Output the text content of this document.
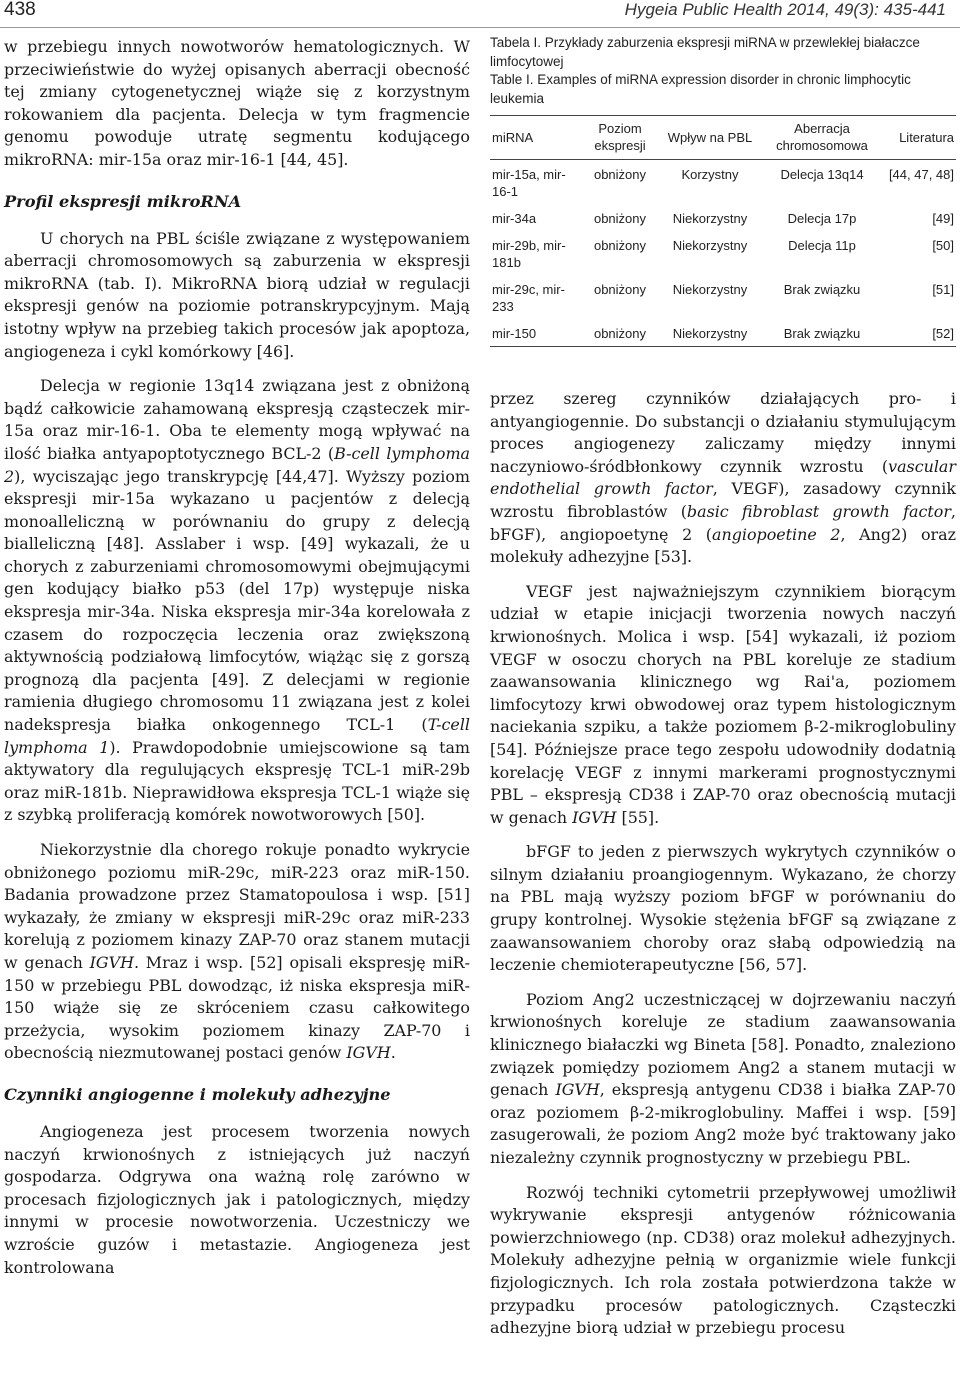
438	Hygeia Public Health 2014, 49(3): 435-441

w przebiegu innych nowotworów hematologicznych. W przeciwieństwie do wyżej opisanych aberracji obecność tej zmiany cytogenetycznej wiąże się z korzystnym rokowaniem dla pacjenta. Delecja w tym fragmencie genomu powoduje utratę segmentu kodującego mikroRNA: mir-15a oraz mir-16-1 [44, 45].

Profil ekspresji mikroRNA

U chorych na PBL ściśle związane z występowaniem aberracji chromosomowych są zaburzenia w ekspresji mikroRNA (tab. I). MikroRNA biorą udział w regulacji ekspresji genów na poziomie potranskrypcyjnym. Mają istotny wpływ na przebieg takich procesów jak apoptoza, angiogeneza i cykl komórkowy [46].

Delecja w regionie 13q14 związana jest z obniżoną bądź całkowicie zahamowaną ekspresją cząsteczek mir-15a oraz mir-16-1. Oba te elementy mogą wpływać na ilość białka antyapoptotycznego BCL-2 (B-cell lymphoma 2), wyciszając jego transkrypcję [44,47]. Wyższy poziom ekspresji mir-15a wykazano u pacjentów z delecją monoalleliczną w porównaniu do grupy z delecją bialleliczną [48]. Asslaber i wsp. [49] wykazali, że u chorych z zaburzeniami chromosomowymi obejmującymi gen kodujący białko p53 (del 17p) występuje niska ekspresja mir-34a. Niska ekspresja mir-34a korelowała z czasem do rozpoczęcia leczenia oraz zwiększoną aktywnością podziałową limfocytów, wiążąc się z gorszą prognozą dla pacjenta [49]. Z delecjami w regionie ramienia długiego chromosomu 11 związana jest z kolei nadekspresja białka onkogennego TCL-1 (T-cell lymphoma 1). Prawdopodobnie umiejscowione są tam aktywatory dla regulujących ekspresję TCL-1 miR-29b oraz miR-181b. Nieprawidłowa ekspresja TCL-1 wiąże się z szybką proliferacją komórek nowotworowych [50].

Niekorzystnie dla chorego rokuje ponadto wykrycie obniżonego poziomu miR-29c, miR-223 oraz miR-150. Badania prowadzone przez Stamatopoulosa i wsp. [51] wykazały, że zmiany w ekspresji miR-29c oraz miR-233 korelują z poziomem kinazy ZAP-70 oraz stanem mutacji w genach IGVH. Mraz i wsp. [52] opisali ekspresję miR-150 w przebiegu PBL dowodząc, iż niska ekspresja miR-150 wiąże się ze skróceniem czasu całkowitego przeżycia, wysokim poziomem kinazy ZAP-70 i obecnością niezmutowanej postaci genów IGVH.

Czynniki angiogenne i molekuły adhezyjne

Angiogeneza jest procesem tworzenia nowych naczyń krwionośnych z istniejących już naczyń gospodarza. Odgrywa ona ważną rolę zarówno w procesach fizjologicznych jak i patologicznych, między innymi w procesie nowotworzenia. Uczestniczy we wzroście guzów i metastazie. Angiogeneza jest kontrolowana

Tabela I. Przykłady zaburzenia ekspresji miRNA w przewlekłej białaczce limfocytowej

Table I. Examples of miRNA expression disorder in chronic limphocytic leukemia

miRNA	Poziom ekspresji	Wpływ na PBL	Aberracja chromosomowa	Literatura
mir-15a, mir-16-1	obniżony	Korzystny	Delecja 13q14	[44, 47, 48]
mir-34a	obniżony	Niekorzystny	Delecja 17p	[49]
mir-29b, mir-181b	obniżony	Niekorzystny	Delecja 11p	[50]
mir-29c, mir-233	obniżony	Niekorzystny	Brak związku	[51]
mir-150	obniżony	Niekorzystny	Brak związku	[52]

przez szereg czynników działających pro- i antyangiogennie. Do substancji o działaniu stymulującym proces angiogenezy zaliczamy między innymi naczyniowo-śródbłonkowy czynnik wzrostu (vascular endothelial growth factor, VEGF), zasadowy czynnik wzrostu fibroblastów (basic fibroblast growth factor, bFGF), angiopoetynę 2 (angiopoetine 2, Ang2) oraz molekuły adhezyjne [53].

VEGF jest najważniejszym czynnikiem biorącym udział w etapie inicjacji tworzenia nowych naczyń krwionośnych. Molica i wsp. [54] wykazali, iż poziom VEGF w osoczu chorych na PBL koreluje ze stadium zaawansowania klinicznego wg Rai'a, poziomem limfocytozy krwi obwodowej oraz typem histologicznym naciekania szpiku, a także poziomem β-2-mikroglobuliny [54]. Późniejsze prace tego zespołu udowodniły dodatnią korelację VEGF z innymi markerami prognostycznymi PBL – ekspresją CD38 i ZAP-70 oraz obecnością mutacji w genach IGVH [55].

bFGF to jeden z pierwszych wykrytych czynników o silnym działaniu proangiogennym. Wykazano, że chorzy na PBL mają wyższy poziom bFGF w porównaniu do grupy kontrolnej. Wysokie stężenia bFGF są związane z zaawansowaniem choroby oraz słabą odpowiedzią na leczenie chemioterapeutyczne [56, 57].

Poziom Ang2 uczestniczącej w dojrzewaniu naczyń krwionośnych koreluje ze stadium zaawansowania klinicznego białaczki wg Bineta [58]. Ponadto, znaleziono związek pomiędzy poziomem Ang2 a stanem mutacji w genach IGVH, ekspresją antygenu CD38 i białka ZAP-70 oraz poziomem β-2-mikroglobuliny. Maffei i wsp. [59] zasugerowali, że poziom Ang2 może być traktowany jako niezależny czynnik prognostyczny w przebiegu PBL.

Rozwój techniki cytometrii przepływowej umożliwił wykrywanie ekspresji antygenów różnicowania powierzchniowego (np. CD38) oraz molekuł adhezyjnych. Molekuły adhezyjne pełnią w organizmie wiele funkcji fizjologicznych. Ich rola została potwierdzona także w przypadku procesów patologicznych. Cząsteczki adhezyjne biorą udział w przebiegu procesu
